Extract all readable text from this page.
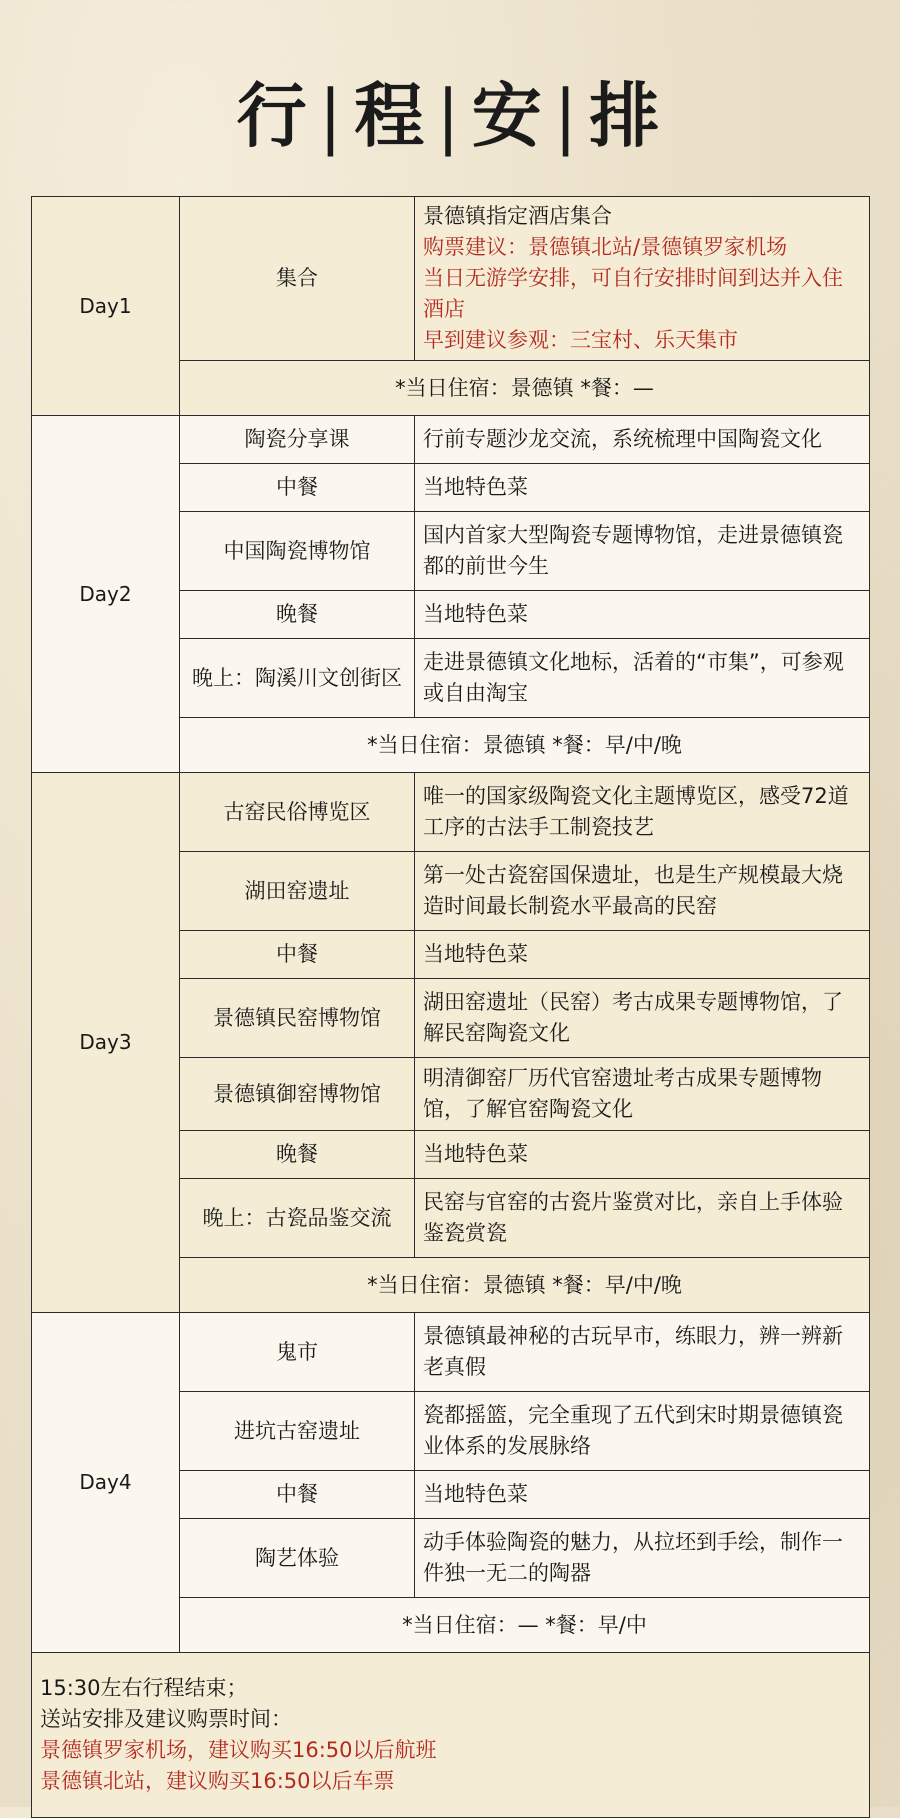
行 | 程 | 安 | 排
Day1	集合	景德镇指定酒店集合
购票建议：景德镇北站/景德镇罗家机场
当日无游学安排，可自行安排时间到达并入住酒店
早到建议参观：三宝村、乐天集市

	*当日住宿：景德镇 *餐：—	
Day2	陶瓷分享课	行前专题沙龙交流，系统梳理中国陶瓷文化

	中餐	当地特色菜

	中国陶瓷博物馆	国内首家大型陶瓷专题博物馆，走进景德镇瓷都的前世今生

	晚餐	当地特色菜

	晚上：陶溪川文创街区	走进景德镇文化地标，活着的“市集”，可参观或自由淘宝

	*当日住宿：景德镇 *餐：早/中/晚	
Day3	古窑民俗博览区	唯一的国家级陶瓷文化主题博览区，感受72道工序的古法手工制瓷技艺

	湖田窑遗址	第一处古瓷窑国保遗址，也是生产规模最大烧造时间最长制瓷水平最高的民窑

	中餐	当地特色菜

	景德镇民窑博物馆	湖田窑遗址（民窑）考古成果专题博物馆，了解民窑陶瓷文化

	景德镇御窑博物馆	明清御窑厂历代官窑遗址考古成果专题博物馆，了解官窑陶瓷文化

	晚餐	当地特色菜

	晚上：古瓷品鉴交流	民窑与官窑的古瓷片鉴赏对比，亲自上手体验鉴瓷赏瓷

	*当日住宿：景德镇 *餐：早/中/晚	
Day4	鬼市	景德镇最神秘的古玩早市，练眼力，辨一辨新老真假

	进坑古窑遗址	瓷都摇篮，完全重现了五代到宋时期景德镇瓷业体系的发展脉络

	中餐	当地特色菜

	陶艺体验	动手体验陶瓷的魅力，从拉坯到手绘，制作一件独一无二的陶器

	*当日住宿：— *餐：早/中	

15:30左右行程结束；
送站安排及建议购票时间：
景德镇罗家机场，建议购买16:50以后航班
景德镇北站，建议购买16:50以后车票		
